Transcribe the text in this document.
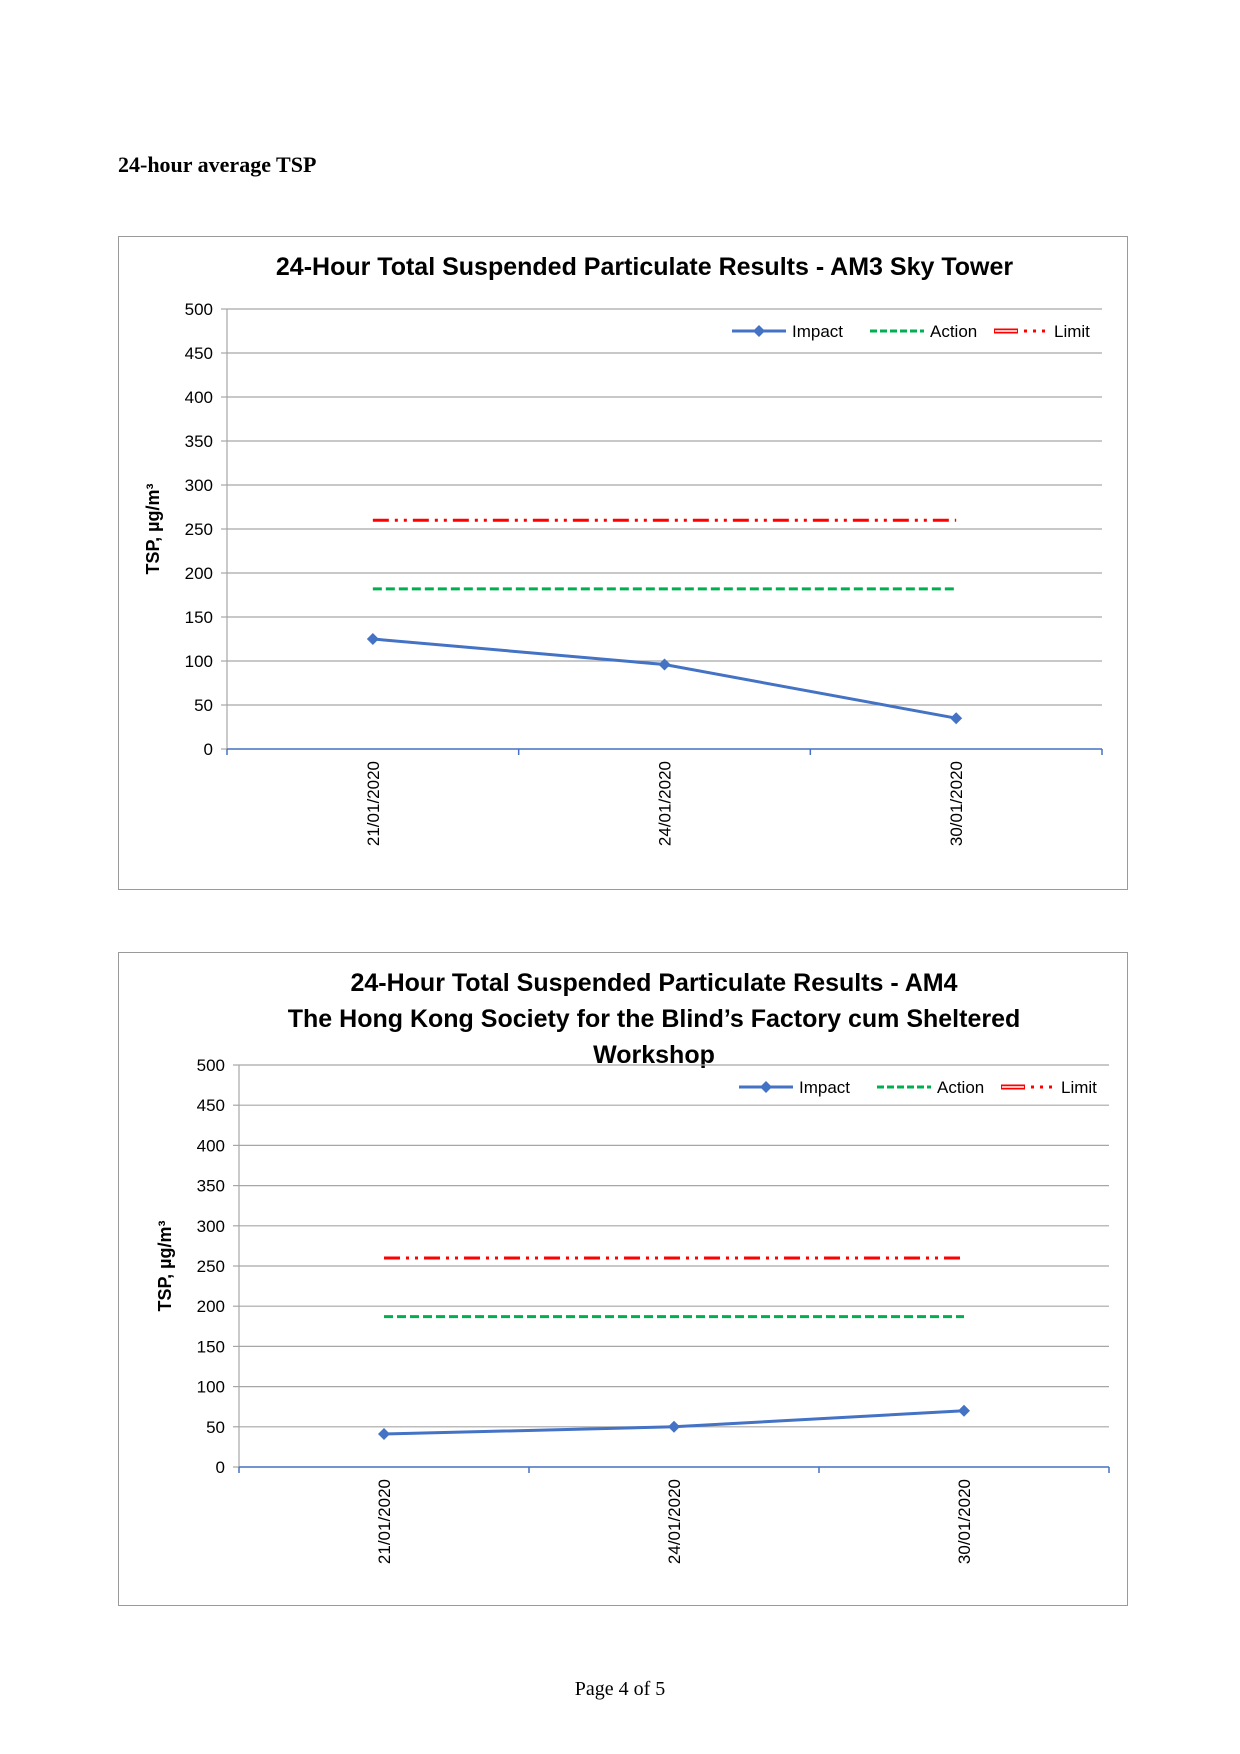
24-hour average TSP
24-Hour Total Suspended Particulate Results - AM3 Sky Tower
0
50
100
150
200
250
300
350
400
450
500
21/01/2020	24/01/2020	30/01/2020
TSP, µg/m³
Impact	Action	Limit
24-Hour Total Suspended Particulate Results - AM4
The Hong Kong Society for the Blind’s Factory cum Sheltered
Workshop
0
50
100
150
200
250
300
350
400
450
500
21/01/2020	24/01/2020	30/01/2020
TSP, µg/m³
Impact	Action	Limit
Page 4 of 5
